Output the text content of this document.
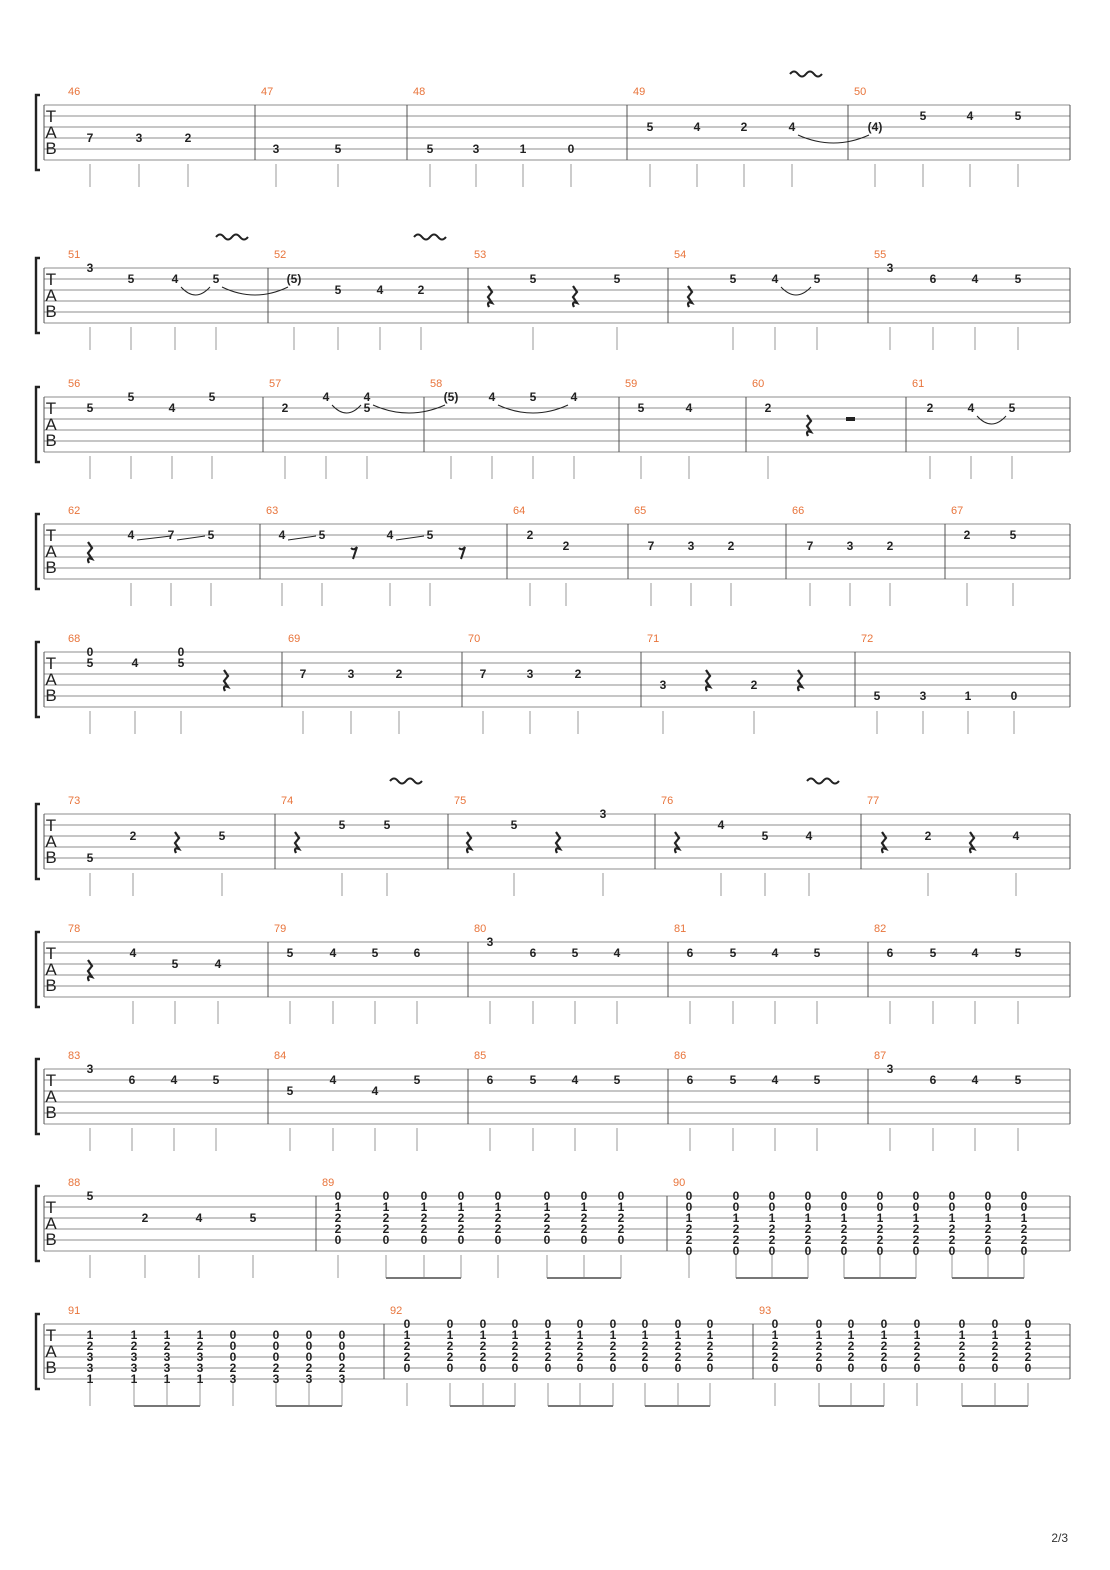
T
A
B
46
7	3	2
47
3	5
48
5	3	1	0
49
5	4	2	4
50
(4)
5	4	5
T
A
B
51
3
5	4	5
52
(5)
5	4	2
53
5	5
54
5	4	5
55
3
6	4	5
T
A
B
56
5
5
4
5
57
2
4	4
5
58
(5)	4	5	4
59
5	4
60
2
61
2	4	5
T
A
B
62
4	7	5
63
4	5	4	5
64
2
2
65
7	3	2
66
7	3	2
67
2	5
T
A
B
68
0
5	4
0
5
69
7	3	2
70
7	3	2
71
3	2
72
5	3	1	0
T
A
B
73
5
2	5
74
5	5
75
5
3
76
4
5	4
77
2	4
T
A
B
78
4
5	4
79
5	4	5	6
80
3
6	5	4
81
6	5	4	5
82
6	5	4	5
T
A
B
83
3
6	4	5
84
5
4
4
5
85
6	5	4	5
86
6	5	4	5
87
3
6	4	5
T
A
B
88
5
2	4	5
89
0
1
2
2
0
0
1
2
2
0
0
1
2
2
0
0
1
2
2
0
0
1
2
2
0
0
1
2
2
0
0
1
2
2
0
0
1
2
2
0
90
0
0
1
2
2
0
0
0
1
2
2
0
0
0
1
2
2
0
0
0
1
2
2
0
0
0
1
2
2
0
0
0
1
2
2
0
0
0
1
2
2
0
0
0
1
2
2
0
0
0
1
2
2
0
0
0
1
2
2
0
T
A
B
91
1
2
3
3
1
1
2
3
3
1
1
2
3
3
1
1
2
3
3
1
0
0
0
2
3
0
0
0
2
3
0
0
0
2
3
0
0
0
2
3
92
0
1
2
2
0
0
1
2
2
0
0
1
2
2
0
0
1
2
2
0
0
1
2
2
0
0
1
2
2
0
0
1
2
2
0
0
1
2
2
0
0
1
2
2
0
0
1
2
2
0
93
0
1
2
2
0
0
1
2
2
0
0
1
2
2
0
0
1
2
2
0
0
1
2
2
0
0
1
2
2
0
0
1
2
2
0
0
1
2
2
0
2/3
